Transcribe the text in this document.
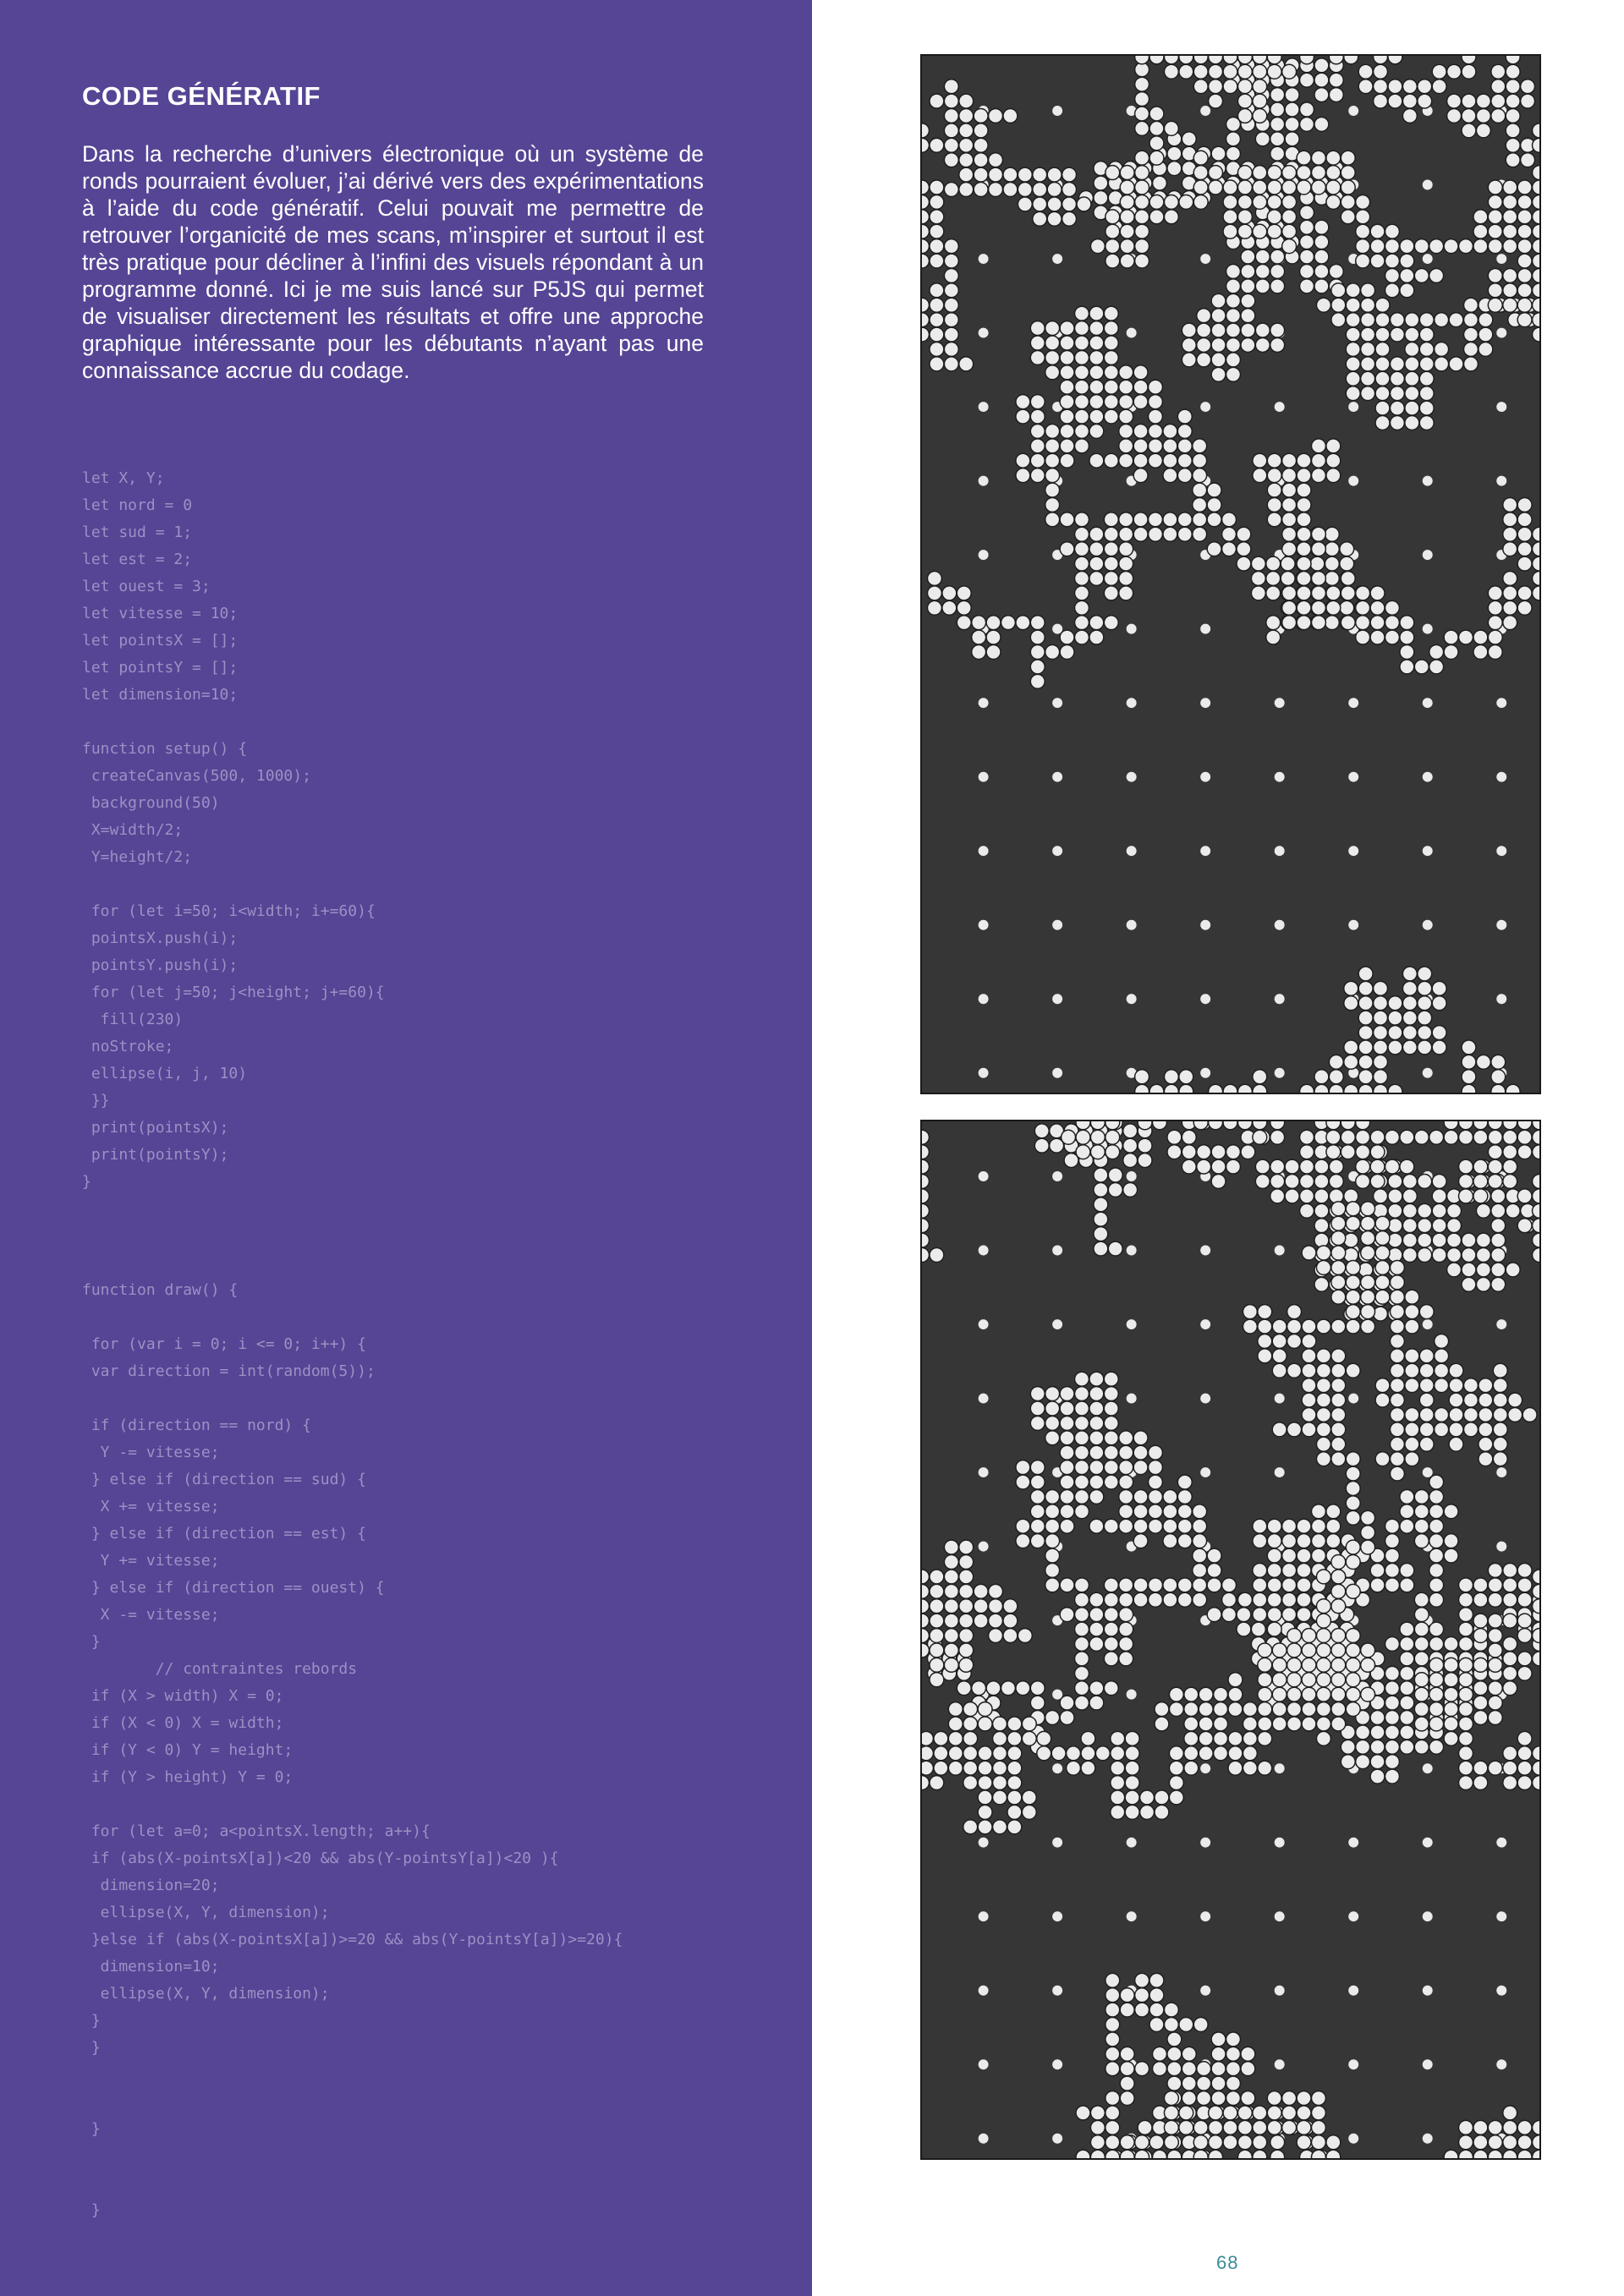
CODE GÉNÉRATIF

Dans la recherche d’univers électronique où un système de ronds pourraient évoluer, j’ai dérivé vers des expérimentations à l’aide du code génératif. Celui pouvait me permettre de retrouver l’organicité de mes scans, m’inspirer et surtout il est très pratique pour décliner à l’infini des visuels répondant à un programme donné. Ici je me suis lancé sur P5JS qui permet de visualiser directement les résultats et offre une approche graphique intéressante pour les débutants n’ayant pas une connaissance accrue du codage.

let X, Y;
let nord = 0
let sud = 1;
let est = 2;
let ouest = 3;
let vitesse = 10;
let pointsX = [];
let pointsY = [];
let dimension=10;
function setup() {
createCanvas(500, 1000);
background(50)
X=width/2;
Y=height/2;
for (let i=50; i<width; i+=60){
pointsX.push(i);
pointsY.push(i);
for (let j=50; j<height; j+=60){
fill(230)
noStroke;
ellipse(i, j, 10)
}}
print(pointsX);
print(pointsY);
}
function draw() {
for (var i = 0; i <= 0; i++) {
var direction = int(random(5));
if (direction == nord) {
Y -= vitesse;
} else if (direction == sud) {
X += vitesse;
} else if (direction == est) {
Y += vitesse;
} else if (direction == ouest) {
X -= vitesse;
}
// contraintes rebords
if (X > width) X = 0;
if (X < 0) X = width;
if (Y < 0) Y = height;
if (Y > height) Y = 0;
for (let a=0; a<pointsX.length; a++){
if (abs(X-pointsX[a])<20 && abs(Y-pointsY[a])<20 ){
dimension=20;
ellipse(X, Y, dimension);
}else if (abs(X-pointsX[a])>=20 && abs(Y-pointsY[a])>=20){
dimension=10;
ellipse(X, Y, dimension);
}
}
}
}
68
